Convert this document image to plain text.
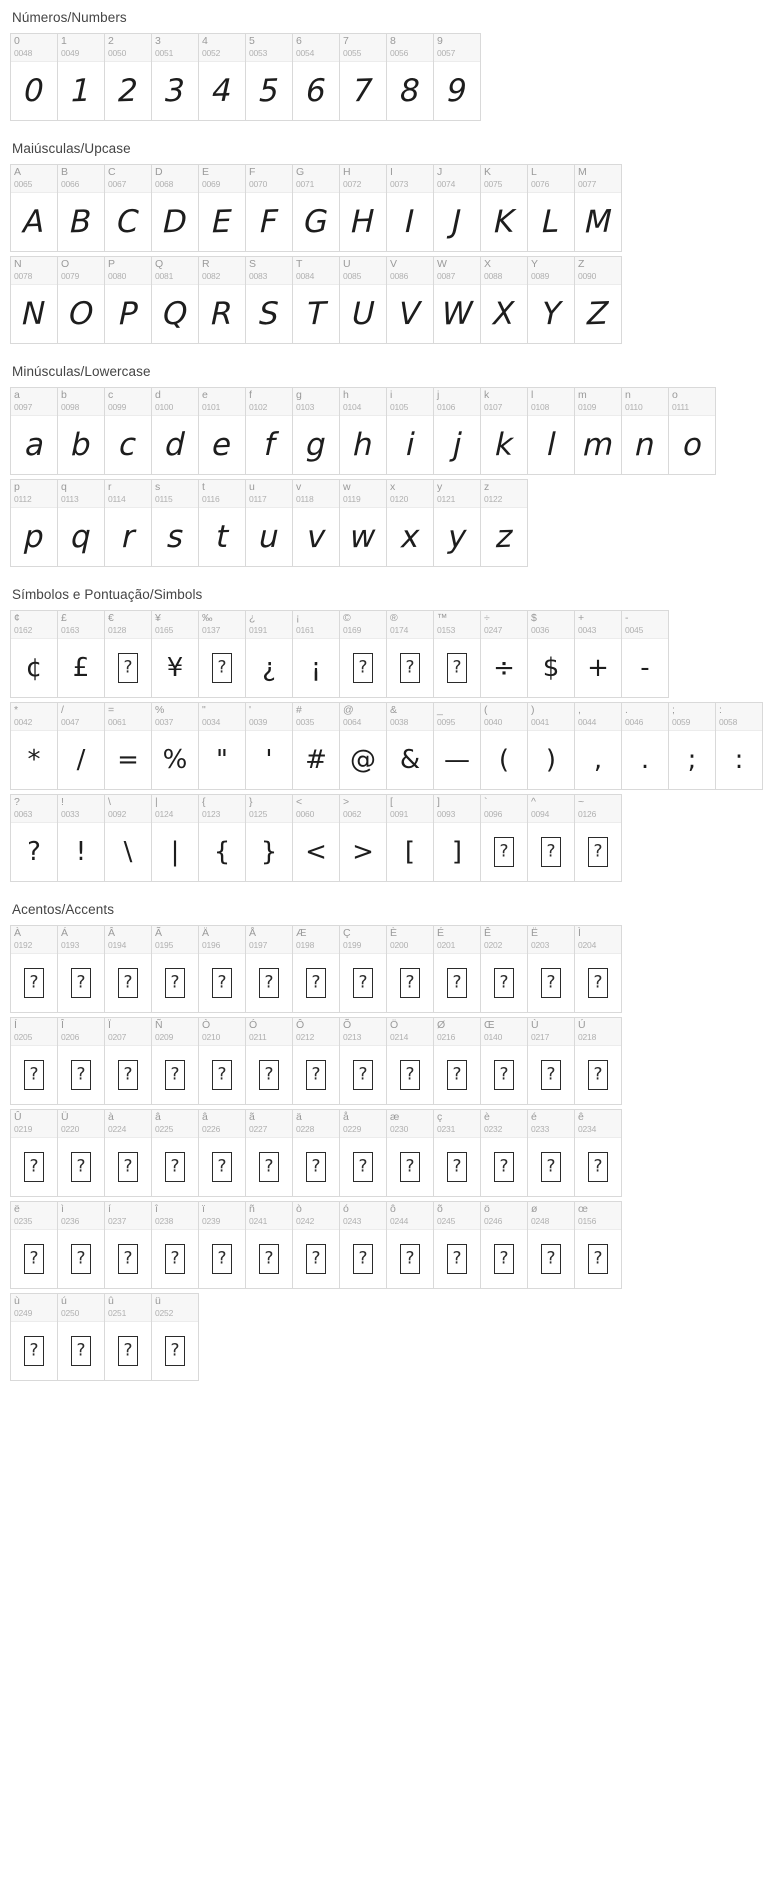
Números/Numbers
0
0048
0
1
0049
1
2
0050
2
3
0051
3
4
0052
4
5
0053
5
6
0054
6
7
0055
7
8
0056
8
9
0057
9
Maiúsculas/Upcase
A
0065
A
B
0066
B
C
0067
C
D
0068
D
E
0069
E
F
0070
F
G
0071
G
H
0072
H
I
0073
I
J
0074
J
K
0075
K
L
0076
L
M
0077
M
N
0078
N
O
0079
O
P
0080
P
Q
0081
Q
R
0082
R
S
0083
S
T
0084
T
U
0085
U
V
0086
V
W
0087
W
X
0088
X
Y
0089
Y
Z
0090
Z
Minúsculas/Lowercase
a
0097
a
b
0098
b
c
0099
c
d
0100
d
e
0101
e
f
0102
f
g
0103
g
h
0104
h
i
0105
i
j
0106
j
k
0107
k
l
0108
l
m
0109
m
n
0110
n
o
0111
o
p
0112
p
q
0113
q
r
0114
r
s
0115
s
t
0116
t
u
0117
u
v
0118
v
w
0119
w
x
0120
x
y
0121
y
z
0122
z
Símbolos e Pontuação/Simbols
¢
0162
¢
£
0163
£
€
0128
?
¥
0165
¥
‰
0137
?
¿
0191
¿
¡
0161
¡
©
0169
?
®
0174
?
™
0153
?
÷
0247
÷
$
0036
$
+
0043
+
-
0045
-
*
0042
*
/
0047
/
=
0061
=
%
0037
%
"
0034
"
'
0039
'
#
0035
#
@
0064
@
&
0038
&
_
0095
—
(
0040
(
)
0041
)
,
0044
,
.
0046
.
;
0059
;
:
0058
:
?
0063
?
!
0033
!
\
0092
\
|
0124
|
{
0123
{
}
0125
}
<
0060
<
>
0062
>
[
0091
[
]
0093
]
`
0096
?
^
0094
?
~
0126
?
Acentos/Accents
À
0192
?
Á
0193
?
Â
0194
?
Ã
0195
?
Ä
0196
?
Å
0197
?
Æ
0198
?
Ç
0199
?
È
0200
?
É
0201
?
Ê
0202
?
Ë
0203
?
Ì
0204
?
Í
0205
?
Î
0206
?
Ï
0207
?
Ñ
0209
?
Ò
0210
?
Ó
0211
?
Ô
0212
?
Õ
0213
?
Ö
0214
?
Ø
0216
?
Œ
0140
?
Ù
0217
?
Ú
0218
?
Û
0219
?
Ü
0220
?
à
0224
?
â
0225
?
â
0226
?
ã
0227
?
ä
0228
?
å
0229
?
æ
0230
?
ç
0231
?
è
0232
?
é
0233
?
ê
0234
?
ë
0235
?
ì
0236
?
í
0237
?
î
0238
?
ï
0239
?
ñ
0241
?
ò
0242
?
ó
0243
?
ô
0244
?
õ
0245
?
ö
0246
?
ø
0248
?
œ
0156
?
ù
0249
?
ú
0250
?
û
0251
?
ü
0252
?
